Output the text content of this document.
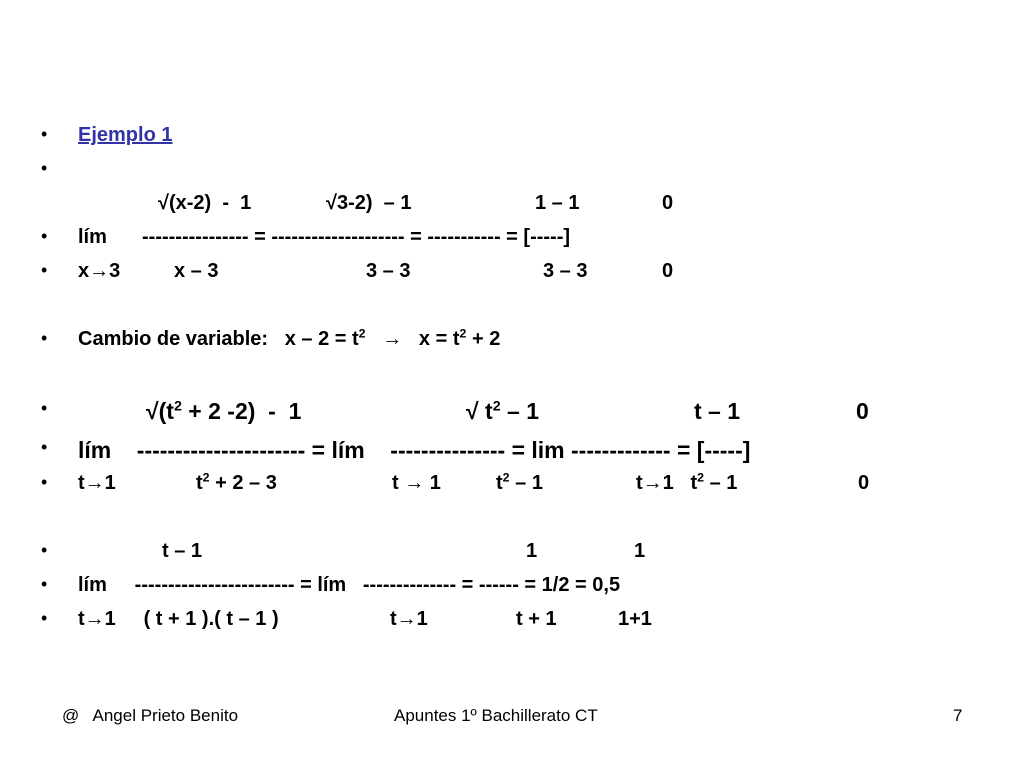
• Ejemplo 1
•
√(x-2)  -  1	√3-2)  – 1	1 – 1	0
• lím ---------------- = -------------------- = ----------- = [-----]
• x→3	x – 3	3 – 3	3 – 3	0
• Cambio de variable:   $x - 2 = t^2 \to x = t^2 + 2$
•	$√(t^2 + 2$ -2)  -  1	√ $t^2 - 1$	t – 1	0
• lím    ---------------------- = lím    --------------- = lim ------------- = [-----]
• t→1	$t^2 + 2 - 3$	t → 1	$t^2 - 1$	t→1   $t^2 - 1$	0
•	t – 1	1	1
• lím     ------------------------ = lím   -------------- = ------ = 1/2 = 0,5
• t→1     ( t + 1 ).( t – 1 )	t→1	t + 1	1+1
@   Angel Prieto Benito	Apuntes 1º Bachillerato CT	7
